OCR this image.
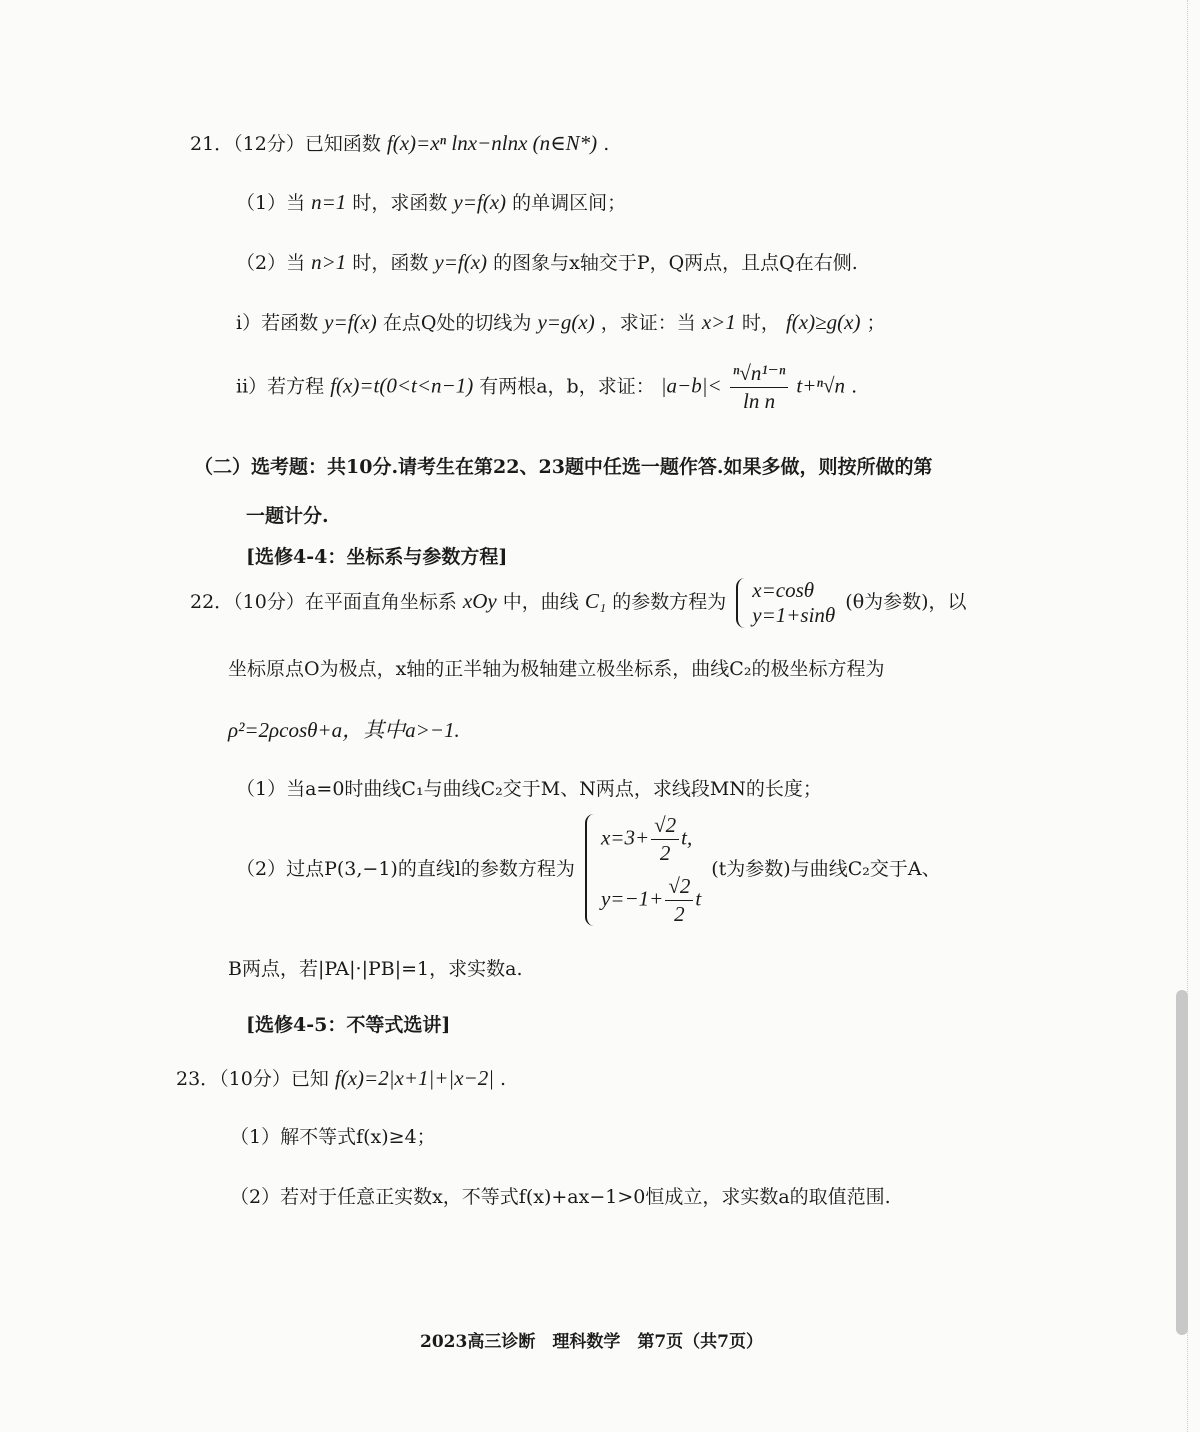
21．（12分）已知函数 f(x)=xⁿ lnx−nlnx (n∈N*) .
（1）当 n=1 时，求函数 y=f(x) 的单调区间；
（2）当 n>1 时，函数 y=f(x) 的图象与x轴交于P，Q两点，且点Q在右侧.
i）若函数 y=f(x) 在点Q处的切线为 y=g(x) ，求证：当 x>1 时， f(x)≥g(x) ；
ii）若方程 f(x)=t(0<t<n−1) 有两根a，b，求证： $|a-b|< \frac{\text{ⁿ√n¹⁻ⁿ}}{\text{ln n}} t+^n√n$ .
（二）选考题：共10分.请考生在第22、23题中任选一题作答.如果多做，则按所做的第
一题计分.
[选修4-4：坐标系与参数方程]
22．（10分）在平面直角坐标系 xOy 中，曲线 C₁ 的参数方程为
x=cosθ
y=1+sinθ
(θ为参数)，以
坐标原点O为极点，x轴的正半轴为极轴建立极坐标系，曲线C₂的极坐标方程为
ρ²=2ρcosθ+a，其中a>−1.
（1）当a=0时曲线C₁与曲线C₂交于M、N两点，求线段MN的长度；
（2）过点P(3,−1)的直线l的参数方程为
$x=3+ \frac{√2}{2} t$,
$y=-1+ \frac{√2}{2}$ t
(t为参数)与曲线C₂交于A、
B两点，若|PA|·|PB|=1，求实数a.
[选修4-5：不等式选讲]
23．（10分）已知 f(x)=2|x+1|+|x−2| .
（1）解不等式f(x)≥4；
（2）若对于任意正实数x，不等式f(x)+ax−1>0恒成立，求实数a的取值范围.
2023高三诊断　理科数学　第7页（共7页）
